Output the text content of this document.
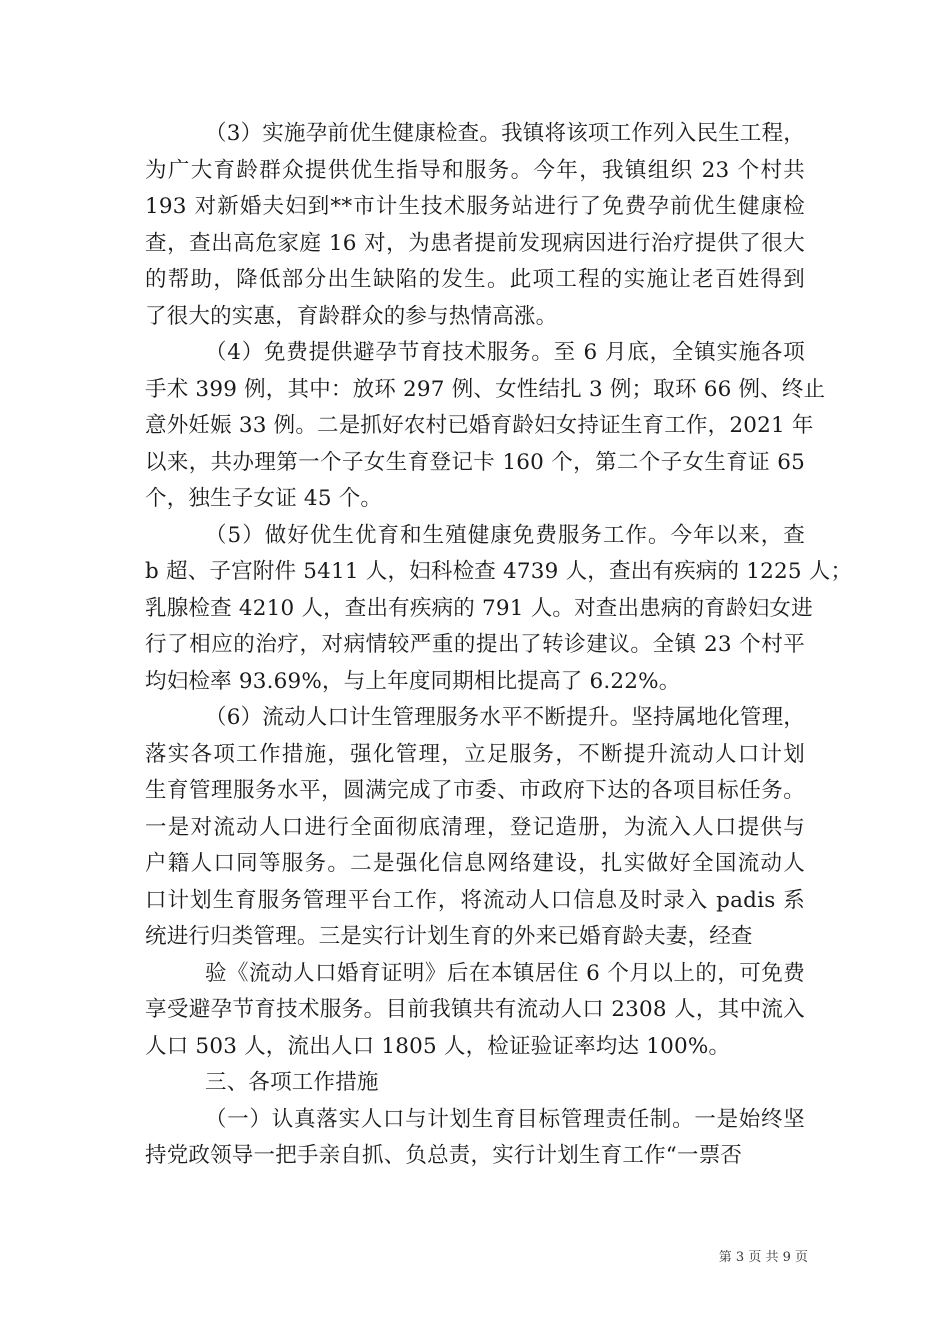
（3）实施孕前优生健康检查。我镇将该项工作列入民生工程，
为广大育龄群众提供优生指导和服务。今年，我镇组织 23 个村共
193 对新婚夫妇到**市计生技术服务站进行了免费孕前优生健康检
查，查出高危家庭 16 对，为患者提前发现病因进行治疗提供了很大
的帮助，降低部分出生缺陷的发生。此项工程的实施让老百姓得到
了很大的实惠，育龄群众的参与热情高涨。
（4）免费提供避孕节育技术服务。至 6 月底，全镇实施各项
手术 399 例，其中：放环 297 例、女性结扎 3 例；取环 66 例、终止
意外妊娠 33 例。二是抓好农村已婚育龄妇女持证生育工作，2021 年
以来，共办理第一个子女生育登记卡 160 个，第二个子女生育证 65
个，独生子女证 45 个。
（5）做好优生优育和生殖健康免费服务工作。今年以来，查
b 超、子宫附件 5411 人，妇科检查 4739 人，查出有疾病的 1225 人；
乳腺检查 4210 人，查出有疾病的 791 人。对查出患病的育龄妇女进
行了相应的治疗，对病情较严重的提出了转诊建议。全镇 23 个村平
均妇检率 93.69%，与上年度同期相比提高了 6.22%。
（6）流动人口计生管理服务水平不断提升。坚持属地化管理，
落实各项工作措施，强化管理，立足服务，不断提升流动人口计划
生育管理服务水平，圆满完成了市委、市政府下达的各项目标任务。
一是对流动人口进行全面彻底清理，登记造册，为流入人口提供与
户籍人口同等服务。二是强化信息网络建设，扎实做好全国流动人
口计划生育服务管理平台工作，将流动人口信息及时录入 padis 系
统进行归类管理。三是实行计划生育的外来已婚育龄夫妻，经查
验《流动人口婚育证明》后在本镇居住 6 个月以上的，可免费
享受避孕节育技术服务。目前我镇共有流动人口 2308 人，其中流入
人口 503 人，流出人口 1805 人，检证验证率均达 100%。
三、各项工作措施
（一）认真落实人口与计划生育目标管理责任制。一是始终坚
持党政领导一把手亲自抓、负总责，实行计划生育工作“一票否
第 3 页 共 9 页
